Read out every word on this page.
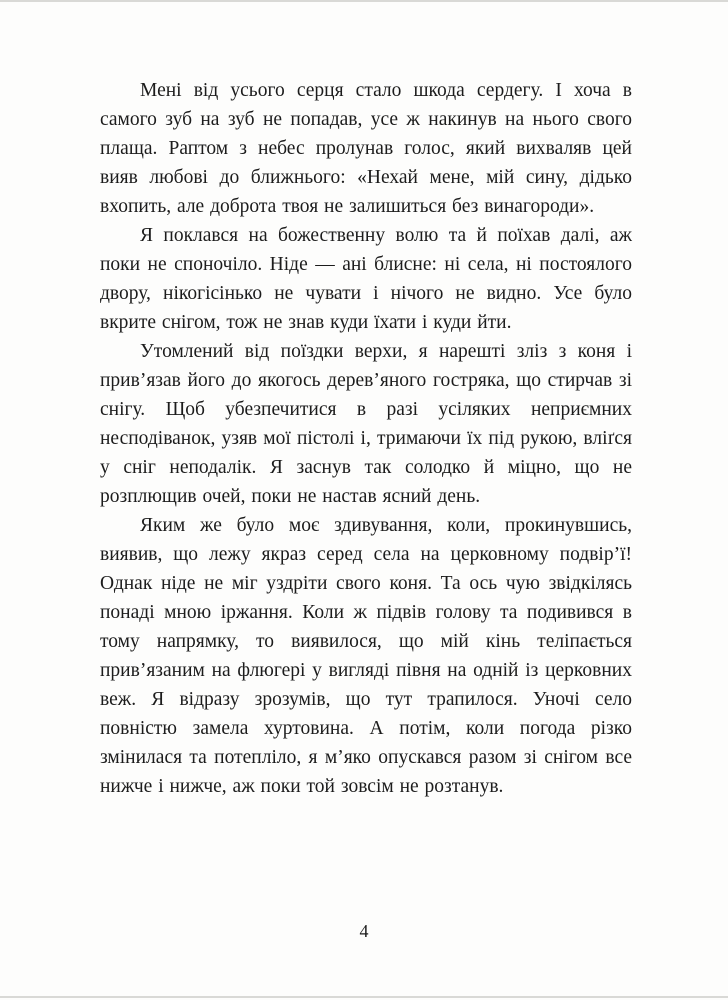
Мені від усього серця стало шкода сердегу. І хоча в самого зуб на зуб не попадав, усе ж накинув на нього свого плаща. Раптом з небес пролунав голос, який вихваляв цей вияв любові до ближнього: «Нехай мене, мій сину, дідько вхопить, але доброта твоя не залишиться без винагороди».

Я поклався на божественну волю та й поїхав далі, аж поки не споночіло. Ніде — ані блисне: ні села, ні постоялого двору, нікогісінько не чувати і нічого не видно. Усе було вкрите снігом, тож не знав куди їхати і куди йти.

Утомлений від поїздки верхи, я нарешті зліз з коня і прив’язав його до якогось дерев’яного гостряка, що стирчав зі снігу. Щоб убезпечитися в разі усіляких неприємних несподіванок, узяв мої пістолі і, тримаючи їх під рукою, вліґся у сніг неподалік. Я заснув так солодко й міцно, що не розплющив очей, поки не настав ясний день.

Яким же було моє здивування, коли, прокинувшись, виявив, що лежу якраз серед села на церковному подвір’ї! Однак ніде не міг уздріти свого коня. Та ось чую звідкілясь понаді мною іржання. Коли ж підвів голову та подивився в тому напрямку, то виявилося, що мій кінь теліпається прив’язаним на флюгері у вигляді півня на одній із церковних веж. Я відразу зрозумів, що тут трапилося. Уночі село повністю замела хуртовина. А потім, коли погода різко змінилася та потепліло, я м’яко опускався разом зі снігом все нижче і нижче, аж поки той зовсім не розтанув.

4
